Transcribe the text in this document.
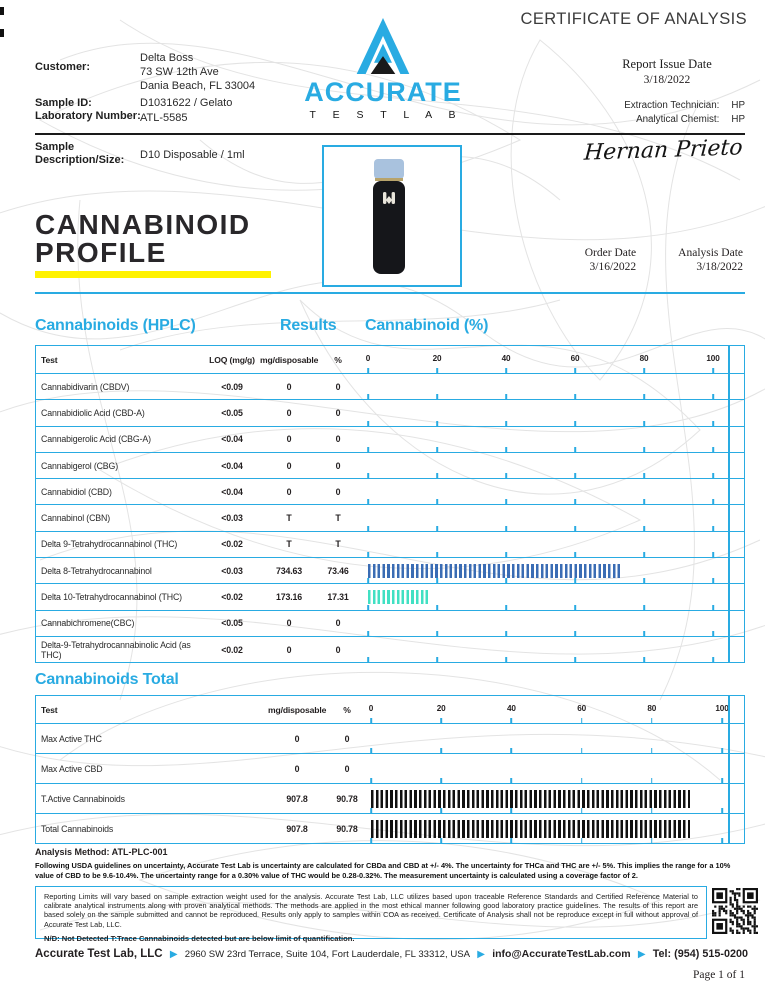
CERTIFICATE OF ANALYSIS
Customer:
Delta Boss
73 SW 12th Ave
Dania Beach, FL 33004
Sample ID:
Laboratory Number:
D1031622 / Gelato
ATL-5585
ACCURATE
T E S T L A B
Report Issue Date
3/18/2022
Extraction Technician: HP
Analytical Chemist: HP
Sample
Description/Size: D10 Disposable / 1ml	Hernan Prieto
CANNABINOID
PROFILE	Order Date
3/16/2022
Analysis Date
3/18/2022
Cannabinoids (HPLC)	Results Cannabinoid (%)
Test	LOQ (mg/g) mg/disposable	%	0	20	40	60	80	100
Cannabidivarin (CBDV)	<0.09	0	0
Cannabidiolic Acid (CBD-A)	<0.05	0	0
Cannabigerolic Acid (CBG-A)	<0.04	0	0
Cannabigerol (CBG)	<0.04	0	0
Cannabidiol (CBD)	<0.04	0	0
Cannabinol (CBN)	<0.03	T	T
Delta 9-Tetrahydrocannabinol (THC)	<0.02	T	T
Delta 8-Tetrahydrocannabinol	<0.03	734.63	73.46
Delta 10-Tetrahydrocannabinol (THC)	<0.02	173.16	17.31
Cannabichromene(CBC)	<0.05	0	0
Delta-9-Tetrahydrocannabinolic Acid (as THC)	<0.02	0	0
Cannabinoids Total
Test	mg/disposable	%	0	20	40	60	80	100
Max Active THC	0	0
Max Active CBD	0	0
T.Active Cannabinoids	907.8	90.78
Total Cannabinoids	907.8	90.78
Analysis Method: ATL-PLC-001
Following USDA guidelines on uncertainty, Accurate Test Lab is uncertainty are calculated for CBDa and CBD at +/- 4%. The uncertainty for THCa and THC are +/- 5%. This implies the range for a 10% value of CBD to be 9.6-10.4%. The uncertainty range for a 0.30% value of THC would be 0.28-0.32%. The measurement uncertainty is calculated using a coverage factor of 2.
Reporting Limits will vary based on sample extraction weight used for the analysis. Accurate Test Lab, LLC utilizes based upon traceable Reference Standards and Certified Reference Material to calibrate analytical instruments along with proven analytical methods. The methods are applied in the most ethical manner following good laboratory practice guidelines. The results of this report are based solely on the sample submitted and cannot be reproduced. Results only apply to samples within COA as received. Certificate of Analysis shall not be reproduce except in full without approval of Accurate Test Lab, LLC.
N/D: Not Detected T:Trace Cannabinoids detected but are below limit of quantification.
Accurate Test Lab, LLC ▶ 2960 SW 23rd Terrace, Suite 104, Fort Lauderdale, FL 33312, USA ▶ info@AccurateTestLab.com ▶ Tel: (954) 515-0200
Page 1 of 1
